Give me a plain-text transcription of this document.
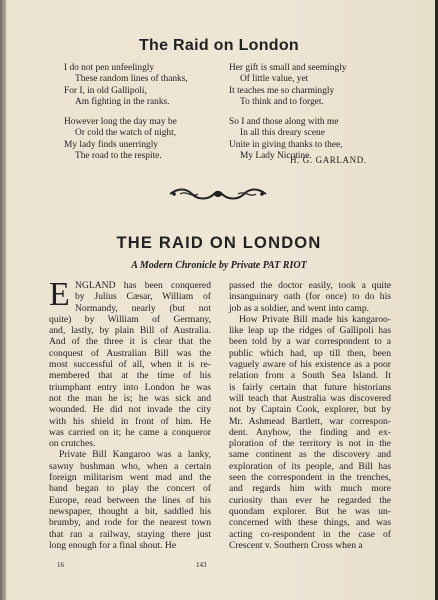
The Raid on London
I do not pen unfeelingly
These random lines of thanks,
For I, in old Gallipoli,
Am fighting in the ranks.
However long the day may be
Or cold the watch of night,
My lady finds unerringly
The road to the respite.
Her gift is small and seemingly
Of little value, yet
It teaches me so charmingly
To think and to forget.
So I and those along with me
In all this dreary scene
Unite in giving thanks to thee,
My Lady Nicotine.
H. G. GARLAND.
THE RAID ON LONDON
A Modern Chronicle by Private PAT RIOT
E NGLAND has been conquered
by Julius Cæsar, William of
Normandy, nearly (but not
quite) by William of Germany,
and, lastly, by plain Bill of Australia.
And of the three it is clear that the
conquest of Australian Bill was the
most successful of all, when it is re-
membered that at the time of his
triumphant entry into London he was
not the man he is; he was sick and
wounded. He did not invade the city
with his shield in front of him. He
was carried on it; he came a conqueror
on crutches.
Private Bill Kangaroo was a lanky,
sawny bushman who, when a certain
foreign militarism went mad and the
band began to play the concert of
Europe, read between the lines of his
newspaper, thought a bit, saddled his
brumby, and rode for the nearest town
that ran a railway, staying there just
long enough for a final shout. He
passed the doctor easily, took a quite
insanguinary oath (for once) to do his
job as a soldier, and went into camp.
How Private Bill made his kangaroo-
like leap up the ridges of Gallipoli has
been told by a war correspondent to a
public which had, up till then, been
vaguely aware of his existence as a poor
relation from a South Sea Island. It
is fairly certain that future historians
will teach that Australia was discovered
not by Captain Cook, explorer, but by
Mr. Ashmead Bartlett, war correspon-
dent. Anyhow, the finding and ex-
ploration of the territory is not in the
same continent as the discovery and
exploration of its people, and Bill has
seen the correspondent in the trenches,
and regards him with much more
curiosity than ever he regarded the
quondam explorer. But he was un-
concerned with these things, and was
acting co-respondent in the case of
Crescent v. Southern Cross when a
16	143
